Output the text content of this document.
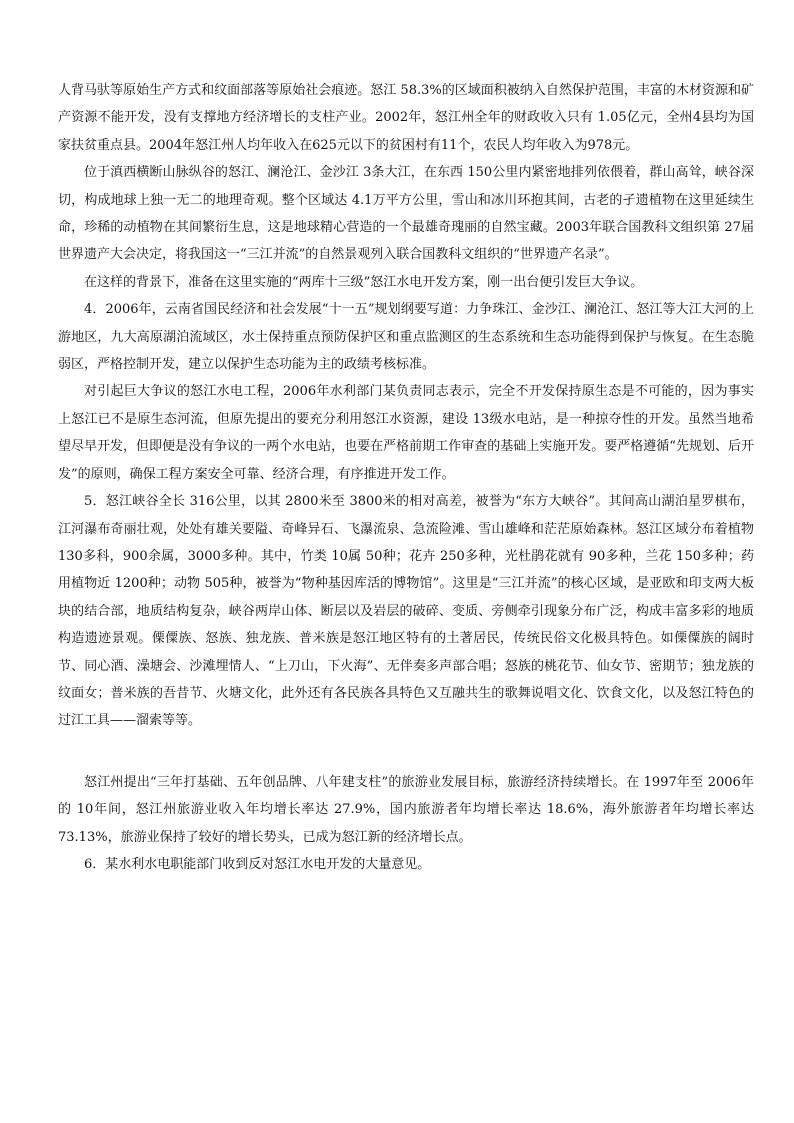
人背马驮等原始生产方式和纹面部落等原始社会痕迹。怒江 58.3%的区域面积被纳入自然保护范围，丰富的木材资源和矿产资源不能开发，没有支撑地方经济增长的支柱产业。2002年，怒江州全年的财政收入只有 1.05亿元，全州4县均为国家扶贫重点县。2004年怒江州人均年收入在625元以下的贫困村有11个，农民人均年收入为978元。

位于滇西横断山脉纵谷的怒江、澜沧江、金沙江 3条大江，在东西 150公里内紧密地排列依偎着，群山高耸，峡谷深切，构成地球上独一无二的地理奇观。整个区域达 4.1万平方公里，雪山和冰川环抱其间，古老的孑遗植物在这里延续生命，珍稀的动植物在其间繁衍生息，这是地球精心营造的一个最雄奇瑰丽的自然宝藏。2003年联合国教科文组织第 27届世界遗产大会决定，将我国这一“三江并流”的自然景观列入联合国教科文组织的“世界遗产名录”。

在这样的背景下，准备在这里实施的“两库十三级”怒江水电开发方案，刚一出台便引发巨大争议。

4．2006年，云南省国民经济和社会发展“十一五”规划纲要写道：力争珠江、金沙江、澜沧江、怒江等大江大河的上游地区，九大高原湖泊流域区，水土保持重点预防保护区和重点监测区的生态系统和生态功能得到保护与恢复。在生态脆弱区，严格控制开发，建立以保护生态功能为主的政绩考核标准。

对引起巨大争议的怒江水电工程，2006年水利部门某负责同志表示，完全不开发保持原生态是不可能的，因为事实上怒江已不是原生态河流，但原先提出的要充分利用怒江水资源，建设 13级水电站，是一种掠夺性的开发。虽然当地希望尽早开发，但即便是没有争议的一两个水电站，也要在严格前期工作审查的基础上实施开发。要严格遵循“先规划、后开发”的原则，确保工程方案安全可靠、经济合理，有序推进开发工作。

5．怒江峡谷全长 316公里，以其 2800米至 3800米的相对高差，被誉为“东方大峡谷”。其间高山湖泊星罗棋布，江河瀑布奇丽壮观，处处有雄关要隘、奇峰异石、飞瀑流泉、急流险滩、雪山雄峰和茫茫原始森林。怒江区域分布着植物 130多科，900余属，3000多种。其中，竹类 10属 50种；花卉 250多种，光杜鹃花就有 90多种，兰花 150多种；药用植物近 1200种；动物 505种，被誉为“物种基因库活的博物馆”。这里是“三江并流”的核心区域，是亚欧和印支两大板块的结合部，地质结构复杂，峡谷两岸山体、断层以及岩层的破碎、变质、旁侧牵引现象分布广泛，构成丰富多彩的地质构造遗迹景观。傈僳族、怒族、独龙族、普米族是怒江地区特有的土著居民，传统民俗文化极具特色。如傈僳族的阔时节、同心酒、澡塘会、沙滩埋情人、“上刀山，下火海”、无伴奏多声部合唱；怒族的桃花节、仙女节、密期节；独龙族的纹面女；普米族的吾昔节、火塘文化，此外还有各民族各具特色又互融共生的歌舞说唱文化、饮食文化，以及怒江特色的过江工具——溜索等等。

怒江州提出“三年打基础、五年创品牌、八年建支柱”的旅游业发展目标，旅游经济持续增长。在 1997年至 2006年的 10年间，怒江州旅游业收入年均增长率达 27.9%，国内旅游者年均增长率达 18.6%，海外旅游者年均增长率达 73.13%，旅游业保持了较好的增长势头，已成为怒江新的经济增长点。

6．某水利水电职能部门收到反对怒江水电开发的大量意见。
